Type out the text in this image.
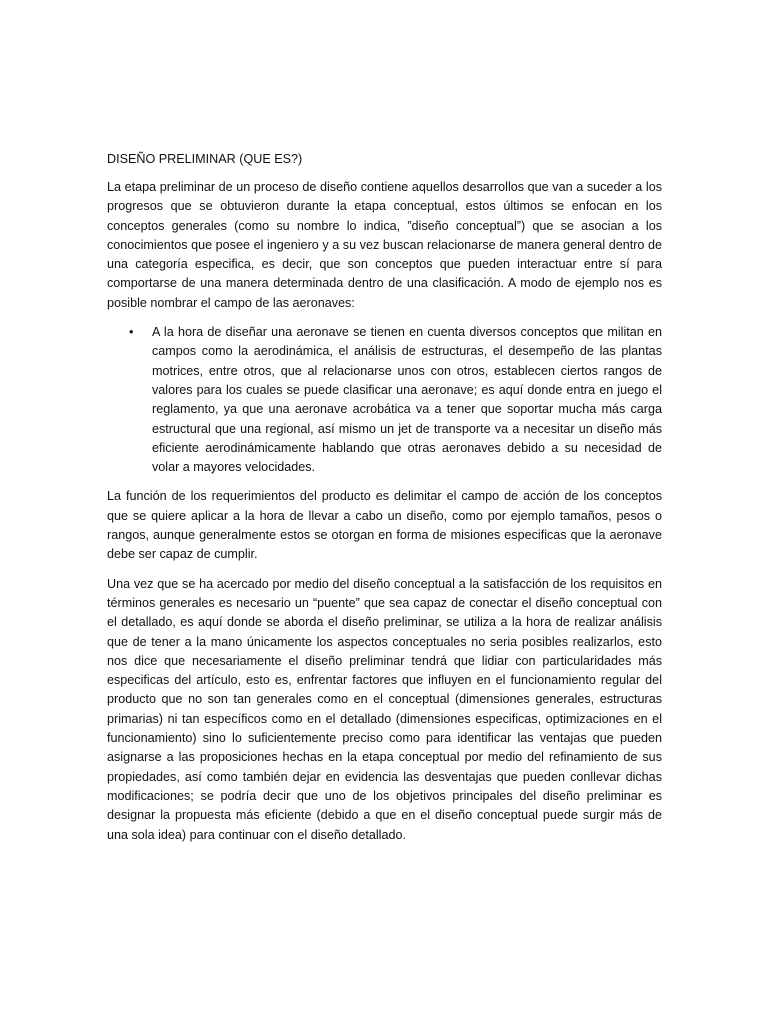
DISEÑO PRELIMINAR (QUE ES?)

La etapa preliminar de un proceso de diseño contiene aquellos desarrollos que van a suceder a los progresos que se obtuvieron durante la etapa conceptual, estos últimos se enfocan en los conceptos generales (como su nombre lo indica, ”diseño conceptual”) que se asocian a los conocimientos que posee el ingeniero y a su vez buscan relacionarse de manera general dentro de una categoría especifica, es decir, que son conceptos que pueden interactuar entre sí para comportarse de una manera determinada dentro de una clasificación. A modo de ejemplo nos es posible nombrar el campo de las aeronaves:

•	A la hora de diseñar una aeronave se tienen en cuenta diversos conceptos que militan en campos como la aerodinámica, el análisis de estructuras, el desempeño de las plantas motrices, entre otros, que al relacionarse unos con otros, establecen ciertos rangos de valores para los cuales se puede clasificar una aeronave; es aquí donde entra en juego el reglamento, ya que una aeronave acrobática va a tener que soportar mucha más carga estructural que una regional, así mismo un jet de transporte va a necesitar un diseño más eficiente aerodinámicamente hablando que otras aeronaves debido a su necesidad de volar a mayores velocidades.

La función de los requerimientos del producto es delimitar el campo de acción de los conceptos que se quiere aplicar a la hora de llevar a cabo un diseño, como por ejemplo tamaños, pesos o rangos, aunque generalmente estos se otorgan en forma de misiones especificas que la aeronave debe ser capaz de cumplir.

Una vez que se ha acercado por medio del diseño conceptual a la satisfacción de los requisitos en términos generales es necesario un “puente” que sea capaz de conectar el diseño conceptual con el detallado, es aquí donde se aborda el diseño preliminar, se utiliza a la hora de realizar análisis que de tener a la mano únicamente los aspectos conceptuales no seria posibles realizarlos, esto nos dice que necesariamente el diseño preliminar tendrá que lidiar con particularidades más especificas del artículo, esto es, enfrentar factores que influyen en el funcionamiento regular del producto que no son tan generales como en el conceptual (dimensiones generales, estructuras primarias) ni tan específicos como en el detallado (dimensiones especificas, optimizaciones en el funcionamiento) sino lo suficientemente preciso como para identificar las ventajas que pueden asignarse a las proposiciones hechas en la etapa conceptual por medio del refinamiento de sus propiedades, así como también dejar en evidencia las desventajas que pueden conllevar dichas modificaciones; se podría decir que uno de los objetivos principales del diseño preliminar es designar la propuesta más eficiente (debido a que en el diseño conceptual puede surgir más de una sola idea) para continuar con el diseño detallado.
